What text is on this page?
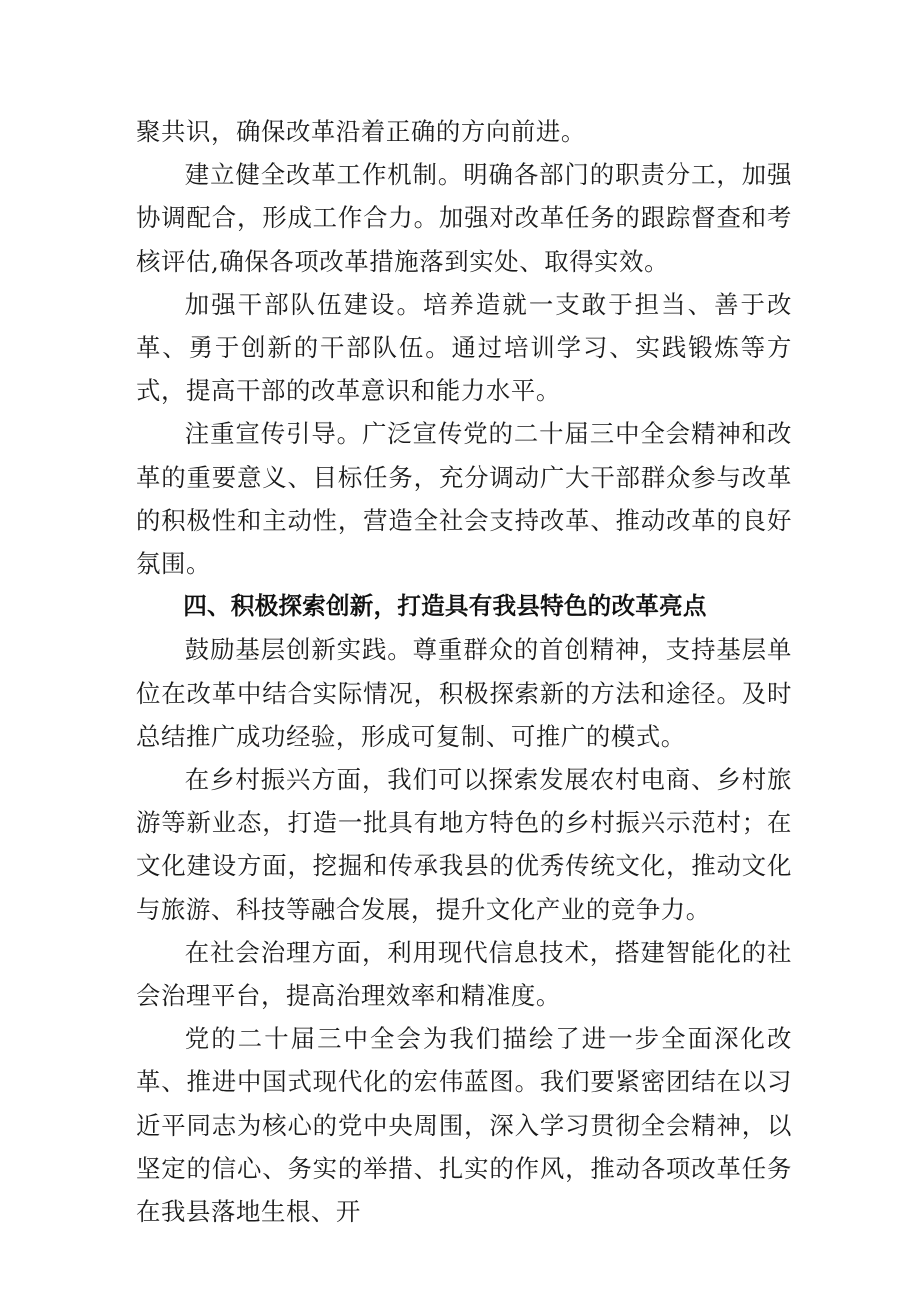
聚共识，确保改革沿着正确的方向前进。

建立健全改革工作机制。明确各部门的职责分工，加强协调配合，形成工作合力。加强对改革任务的跟踪督查和考核评估,确保各项改革措施落到实处、取得实效。

加强干部队伍建设。培养造就一支敢于担当、善于改革、勇于创新的干部队伍。通过培训学习、实践锻炼等方式，提高干部的改革意识和能力水平。

注重宣传引导。广泛宣传党的二十届三中全会精神和改革的重要意义、目标任务，充分调动广大干部群众参与改革的积极性和主动性，营造全社会支持改革、推动改革的良好氛围。

四、积极探索创新，打造具有我县特色的改革亮点

鼓励基层创新实践。尊重群众的首创精神，支持基层单位在改革中结合实际情况，积极探索新的方法和途径。及时总结推广成功经验，形成可复制、可推广的模式。

在乡村振兴方面，我们可以探索发展农村电商、乡村旅游等新业态，打造一批具有地方特色的乡村振兴示范村；在文化建设方面，挖掘和传承我县的优秀传统文化，推动文化与旅游、科技等融合发展，提升文化产业的竞争力。

在社会治理方面，利用现代信息技术，搭建智能化的社会治理平台，提高治理效率和精准度。

党的二十届三中全会为我们描绘了进一步全面深化改革、推进中国式现代化的宏伟蓝图。我们要紧密团结在以习近平同志为核心的党中央周围，深入学习贯彻全会精神，以坚定的信心、务实的举措、扎实的作风，推动各项改革任务在我县落地生根、开
